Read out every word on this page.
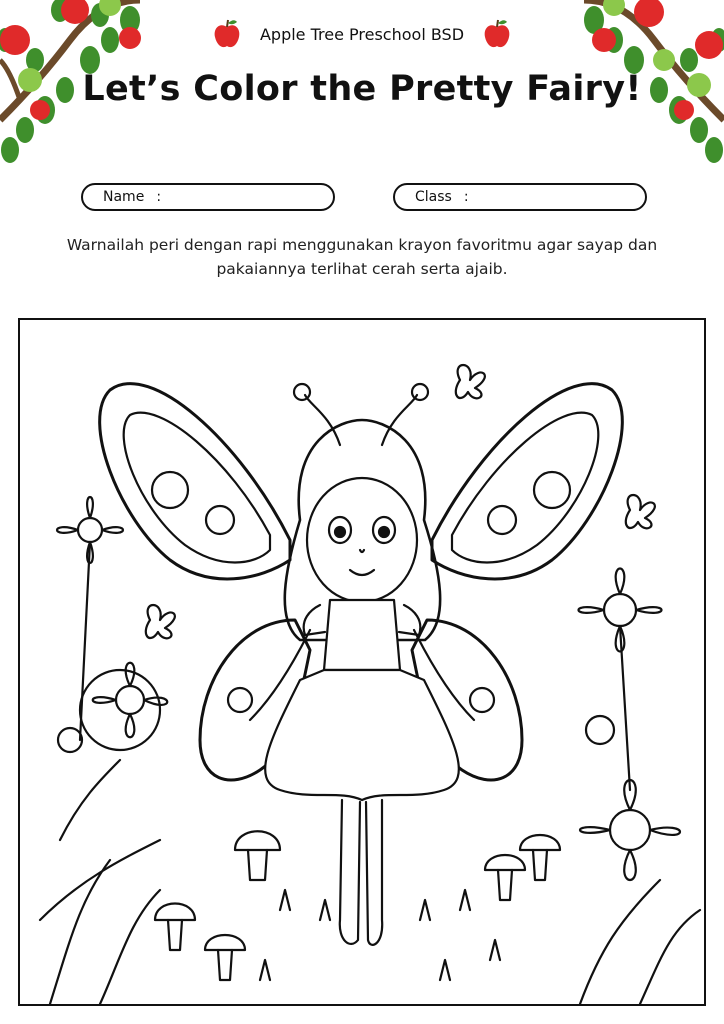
Apple Tree Preschool BSD
Let’s Color the Pretty Fairy!
Name :	Class :
Warnailah peri dengan rapi menggunakan krayon favoritmu agar sayap dan pakaiannya terlihat cerah serta ajaib.
